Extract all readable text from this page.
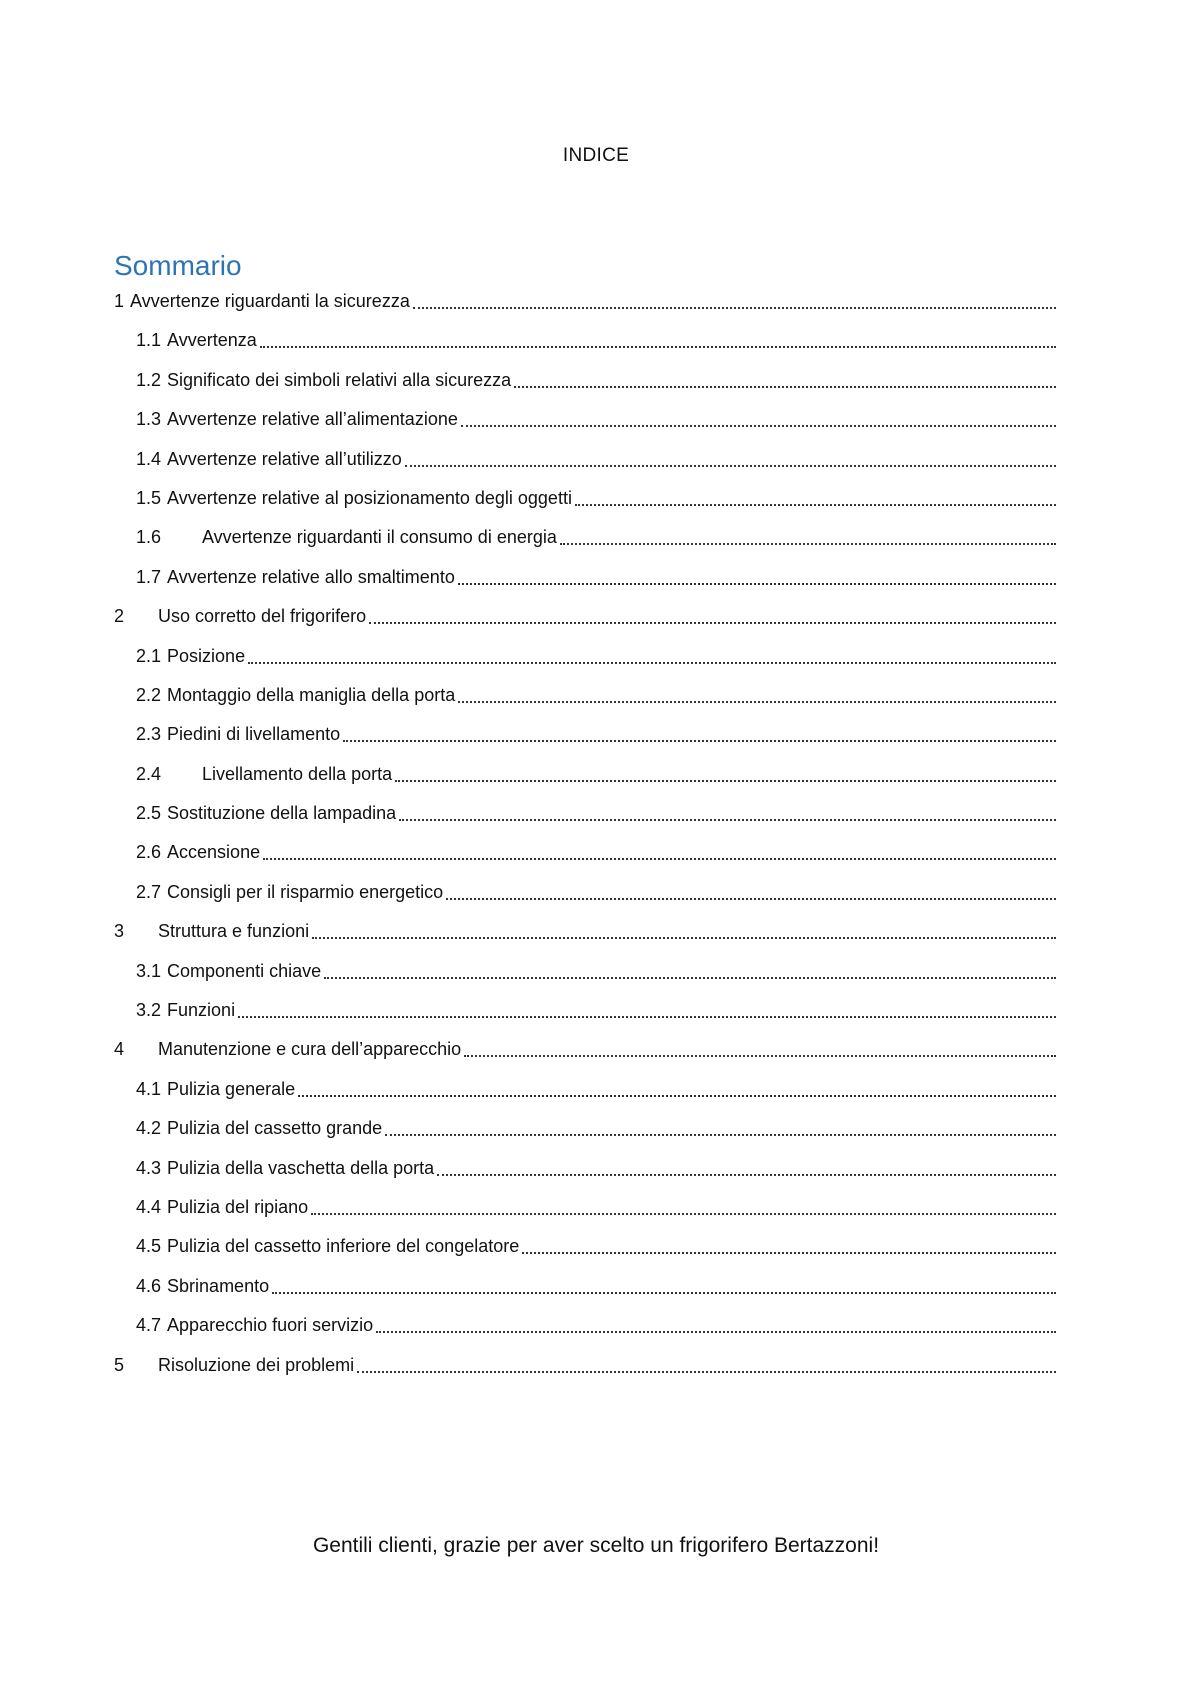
INDICE
Sommario
1 Avvertenze riguardanti la sicurezza
1.1 Avvertenza
1.2 Significato dei simboli relativi alla sicurezza
1.3 Avvertenze relative all’alimentazione
1.4 Avvertenze relative all’utilizzo
1.5 Avvertenze relative al posizionamento degli oggetti
1.6	Avvertenze riguardanti il consumo di energia
1.7 Avvertenze relative allo smaltimento
2	Uso corretto del frigorifero
2.1 Posizione
2.2 Montaggio della maniglia della porta
2.3 Piedini di livellamento
2.4	Livellamento della porta
2.5 Sostituzione della lampadina
2.6 Accensione
2.7 Consigli per il risparmio energetico
3	Struttura e funzioni
3.1 Componenti chiave
3.2 Funzioni
4	Manutenzione e cura dell’apparecchio
4.1 Pulizia generale
4.2 Pulizia del cassetto grande
4.3 Pulizia della vaschetta della porta
4.4 Pulizia del ripiano
4.5 Pulizia del cassetto inferiore del congelatore
4.6 Sbrinamento
4.7 Apparecchio fuori servizio
5	Risoluzione dei problemi
Gentili clienti, grazie per aver scelto un frigorifero Bertazzoni!
